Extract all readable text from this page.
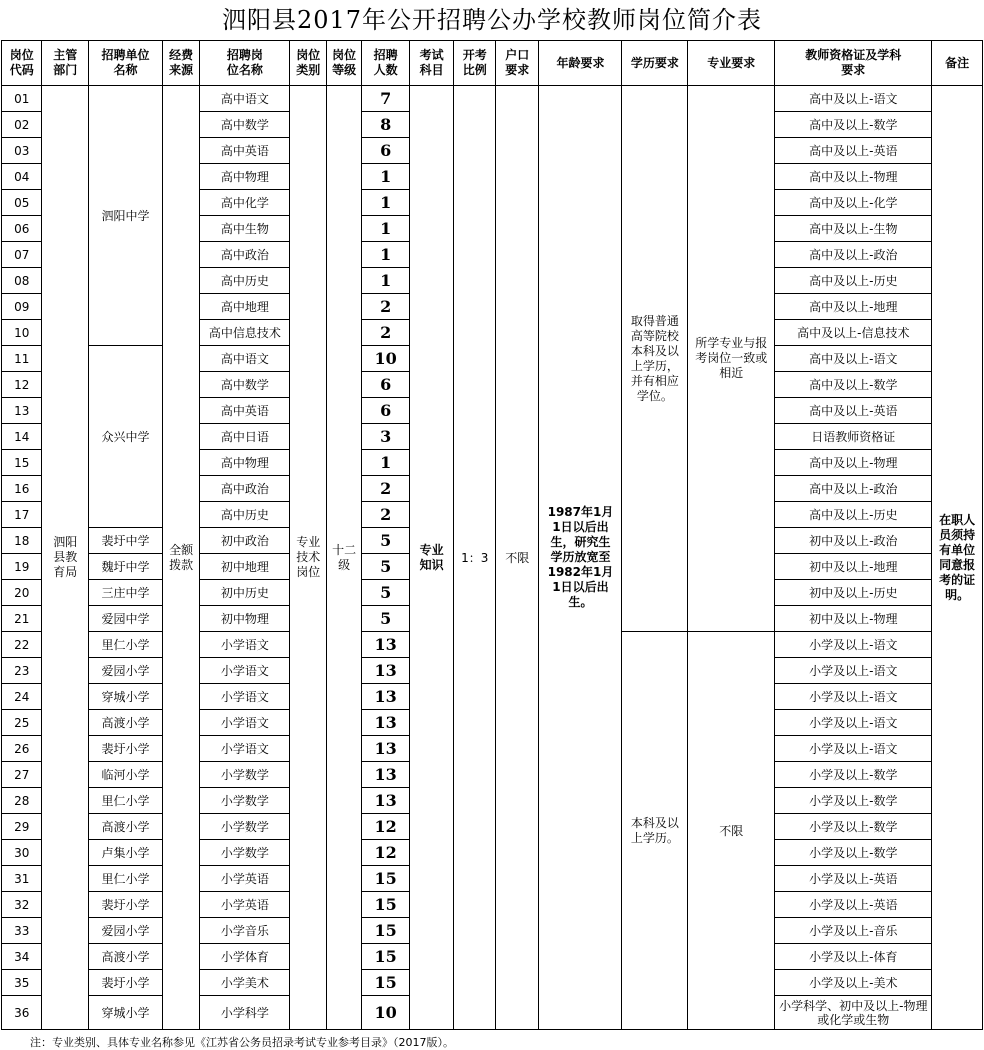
泗阳县2017年公开招聘公办学校教师岗位简介表
岗位代码	主管部门	招聘单位名称	经费来源	招聘岗位名称	岗位类别	岗位等级	招聘人数	考试科目	开考比例	户口要求	年龄要求	学历要求	专业要求	教师资格证及学科要求	备注
01	泗阳县教育局	泗阳中学	全额拨款	高中语文	专业技术岗位	十二级	7	专业知识	1：3	不限	1987年1月1日以后出生，研究生学历放宽至1982年1月1日以后出生。	取得普通高等院校本科及以上学历，并有相应学位。	所学专业与报考岗位一致或相近	高中及以上-语文	在职人员须持有单位同意报考的证明。
02				高中数学			8							高中及以上-数学	
03				高中英语			6							高中及以上-英语	
04				高中物理			1							高中及以上-物理	
05				高中化学			1							高中及以上-化学	
06				高中生物			1							高中及以上-生物	
07				高中政治			1							高中及以上-政治	
08				高中历史			1							高中及以上-历史	
09				高中地理			2							高中及以上-地理	
10				高中信息技术			2							高中及以上-信息技术	
11		众兴中学		高中语文			10							高中及以上-语文	
12				高中数学			6							高中及以上-数学	
13				高中英语			6							高中及以上-英语	
14				高中日语			3							日语教师资格证	
15				高中物理			1							高中及以上-物理	
16				高中政治			2							高中及以上-政治	
17				高中历史			2							高中及以上-历史	
18		裴圩中学		初中政治			5							初中及以上-政治	
19		魏圩中学		初中地理			5							初中及以上-地理	
20		三庄中学		初中历史			5							初中及以上-历史	
21		爱园中学		初中物理			5							初中及以上-物理	
22		里仁小学		小学语文			13					本科及以上学历。	不限	小学及以上-语文	
23		爱园小学		小学语文			13							小学及以上-语文	
24		穿城小学		小学语文			13							小学及以上-语文	
25		高渡小学		小学语文			13							小学及以上-语文	
26		裴圩小学		小学语文			13							小学及以上-语文	
27		临河小学		小学数学			13							小学及以上-数学	
28		里仁小学		小学数学			13							小学及以上-数学	
29		高渡小学		小学数学			12							小学及以上-数学	
30		卢集小学		小学数学			12							小学及以上-数学	
31		里仁小学		小学英语			15							小学及以上-英语	
32		裴圩小学		小学英语			15							小学及以上-英语	
33		爱园小学		小学音乐			15							小学及以上-音乐	
34		高渡小学		小学体育			15							小学及以上-体育	
35		裴圩小学		小学美术			15							小学及以上-美术	
36		穿城小学		小学科学			10							小学科学、初中及以上-物理或化学或生物	
注：专业类别、具体专业名称参见《江苏省公务员招录考试专业参考目录》（2017版）。
